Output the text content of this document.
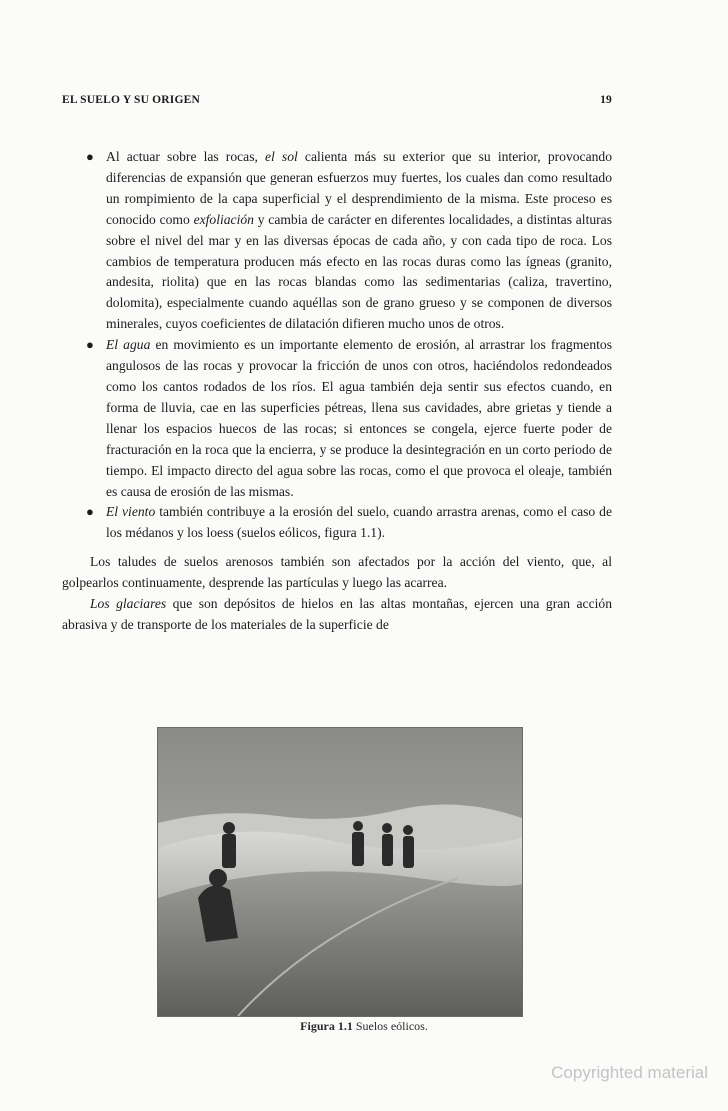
EL SUELO Y SU ORIGEN	19
● Al actuar sobre las rocas, el sol calienta más su exterior que su interior, provocando diferencias de expansión que generan esfuerzos muy fuertes, los cuales dan como resultado un rompimiento de la capa superficial y el desprendimiento de la misma. Este proceso es conocido como exfoliación y cambia de carácter en diferentes localidades, a distintas alturas sobre el nivel del mar y en las diversas épocas de cada año, y con cada tipo de roca. Los cambios de temperatura producen más efecto en las rocas duras como las ígneas (granito, andesita, riolita) que en las rocas blandas como las sedimentarias (caliza, travertino, dolomita), especialmente cuando aquéllas son de grano grueso y se componen de diversos minerales, cuyos coeficientes de dilatación difieren mucho unos de otros.
● El agua en movimiento es un importante elemento de erosión, al arrastrar los fragmentos angulosos de las rocas y provocar la fricción de unos con otros, haciéndolos redondeados como los cantos rodados de los ríos. El agua también deja sentir sus efectos cuando, en forma de lluvia, cae en las superficies pétreas, llena sus cavidades, abre grietas y tiende a llenar los espacios huecos de las rocas; si entonces se congela, ejerce fuerte poder de fracturación en la roca que la encierra, y se produce la desintegración en un corto periodo de tiempo. El impacto directo del agua sobre las rocas, como el que provoca el oleaje, también es causa de erosión de las mismas.
● El viento también contribuye a la erosión del suelo, cuando arrastra arenas, como el caso de los médanos y los loess (suelos eólicos, figura 1.1).

Los taludes de suelos arenosos también son afectados por la acción del viento, que, al golpearlos continuamente, desprende las partículas y luego las acarrea.

Los glaciares que son depósitos de hielos en las altas montañas, ejercen una gran acción abrasiva y de transporte de los materiales de la superficie de

Figura 1.1 Suelos eólicos.
Copyrighted material
